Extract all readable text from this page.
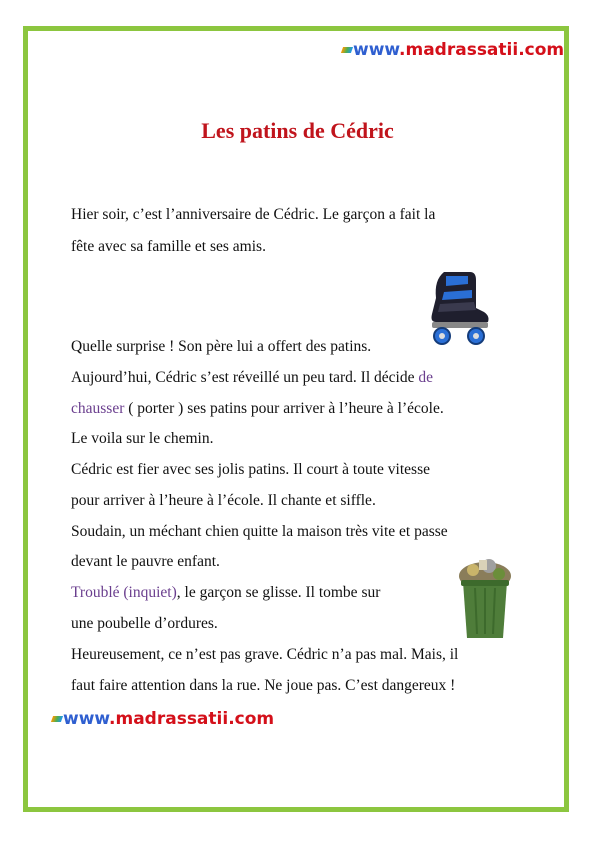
www.madrassatii.com
Les patins de Cédric
Hier soir, c’est l’anniversaire de Cédric. Le garçon a fait la
fête avec sa famille et ses amis.
Quelle surprise ! Son père lui a offert des patins.
Aujourd’hui, Cédric s’est réveillé un peu tard. Il décide de
chausser ( porter ) ses patins pour arriver à l’heure à l’école.
Le voila sur le chemin.
Cédric est fier avec ses jolis patins. Il court à toute vitesse
pour arriver à l’heure à l’école. Il chante et siffle.
Soudain, un méchant chien quitte la maison très vite et passe
devant le pauvre enfant.
Troublé (inquiet), le garçon se glisse. Il tombe sur
une poubelle d’ordures.
Heureusement, ce n’est pas grave. Cédric n’a pas mal. Mais, il
faut faire attention dans la rue. Ne joue pas. C’est dangereux !
www.madrassatii.com
